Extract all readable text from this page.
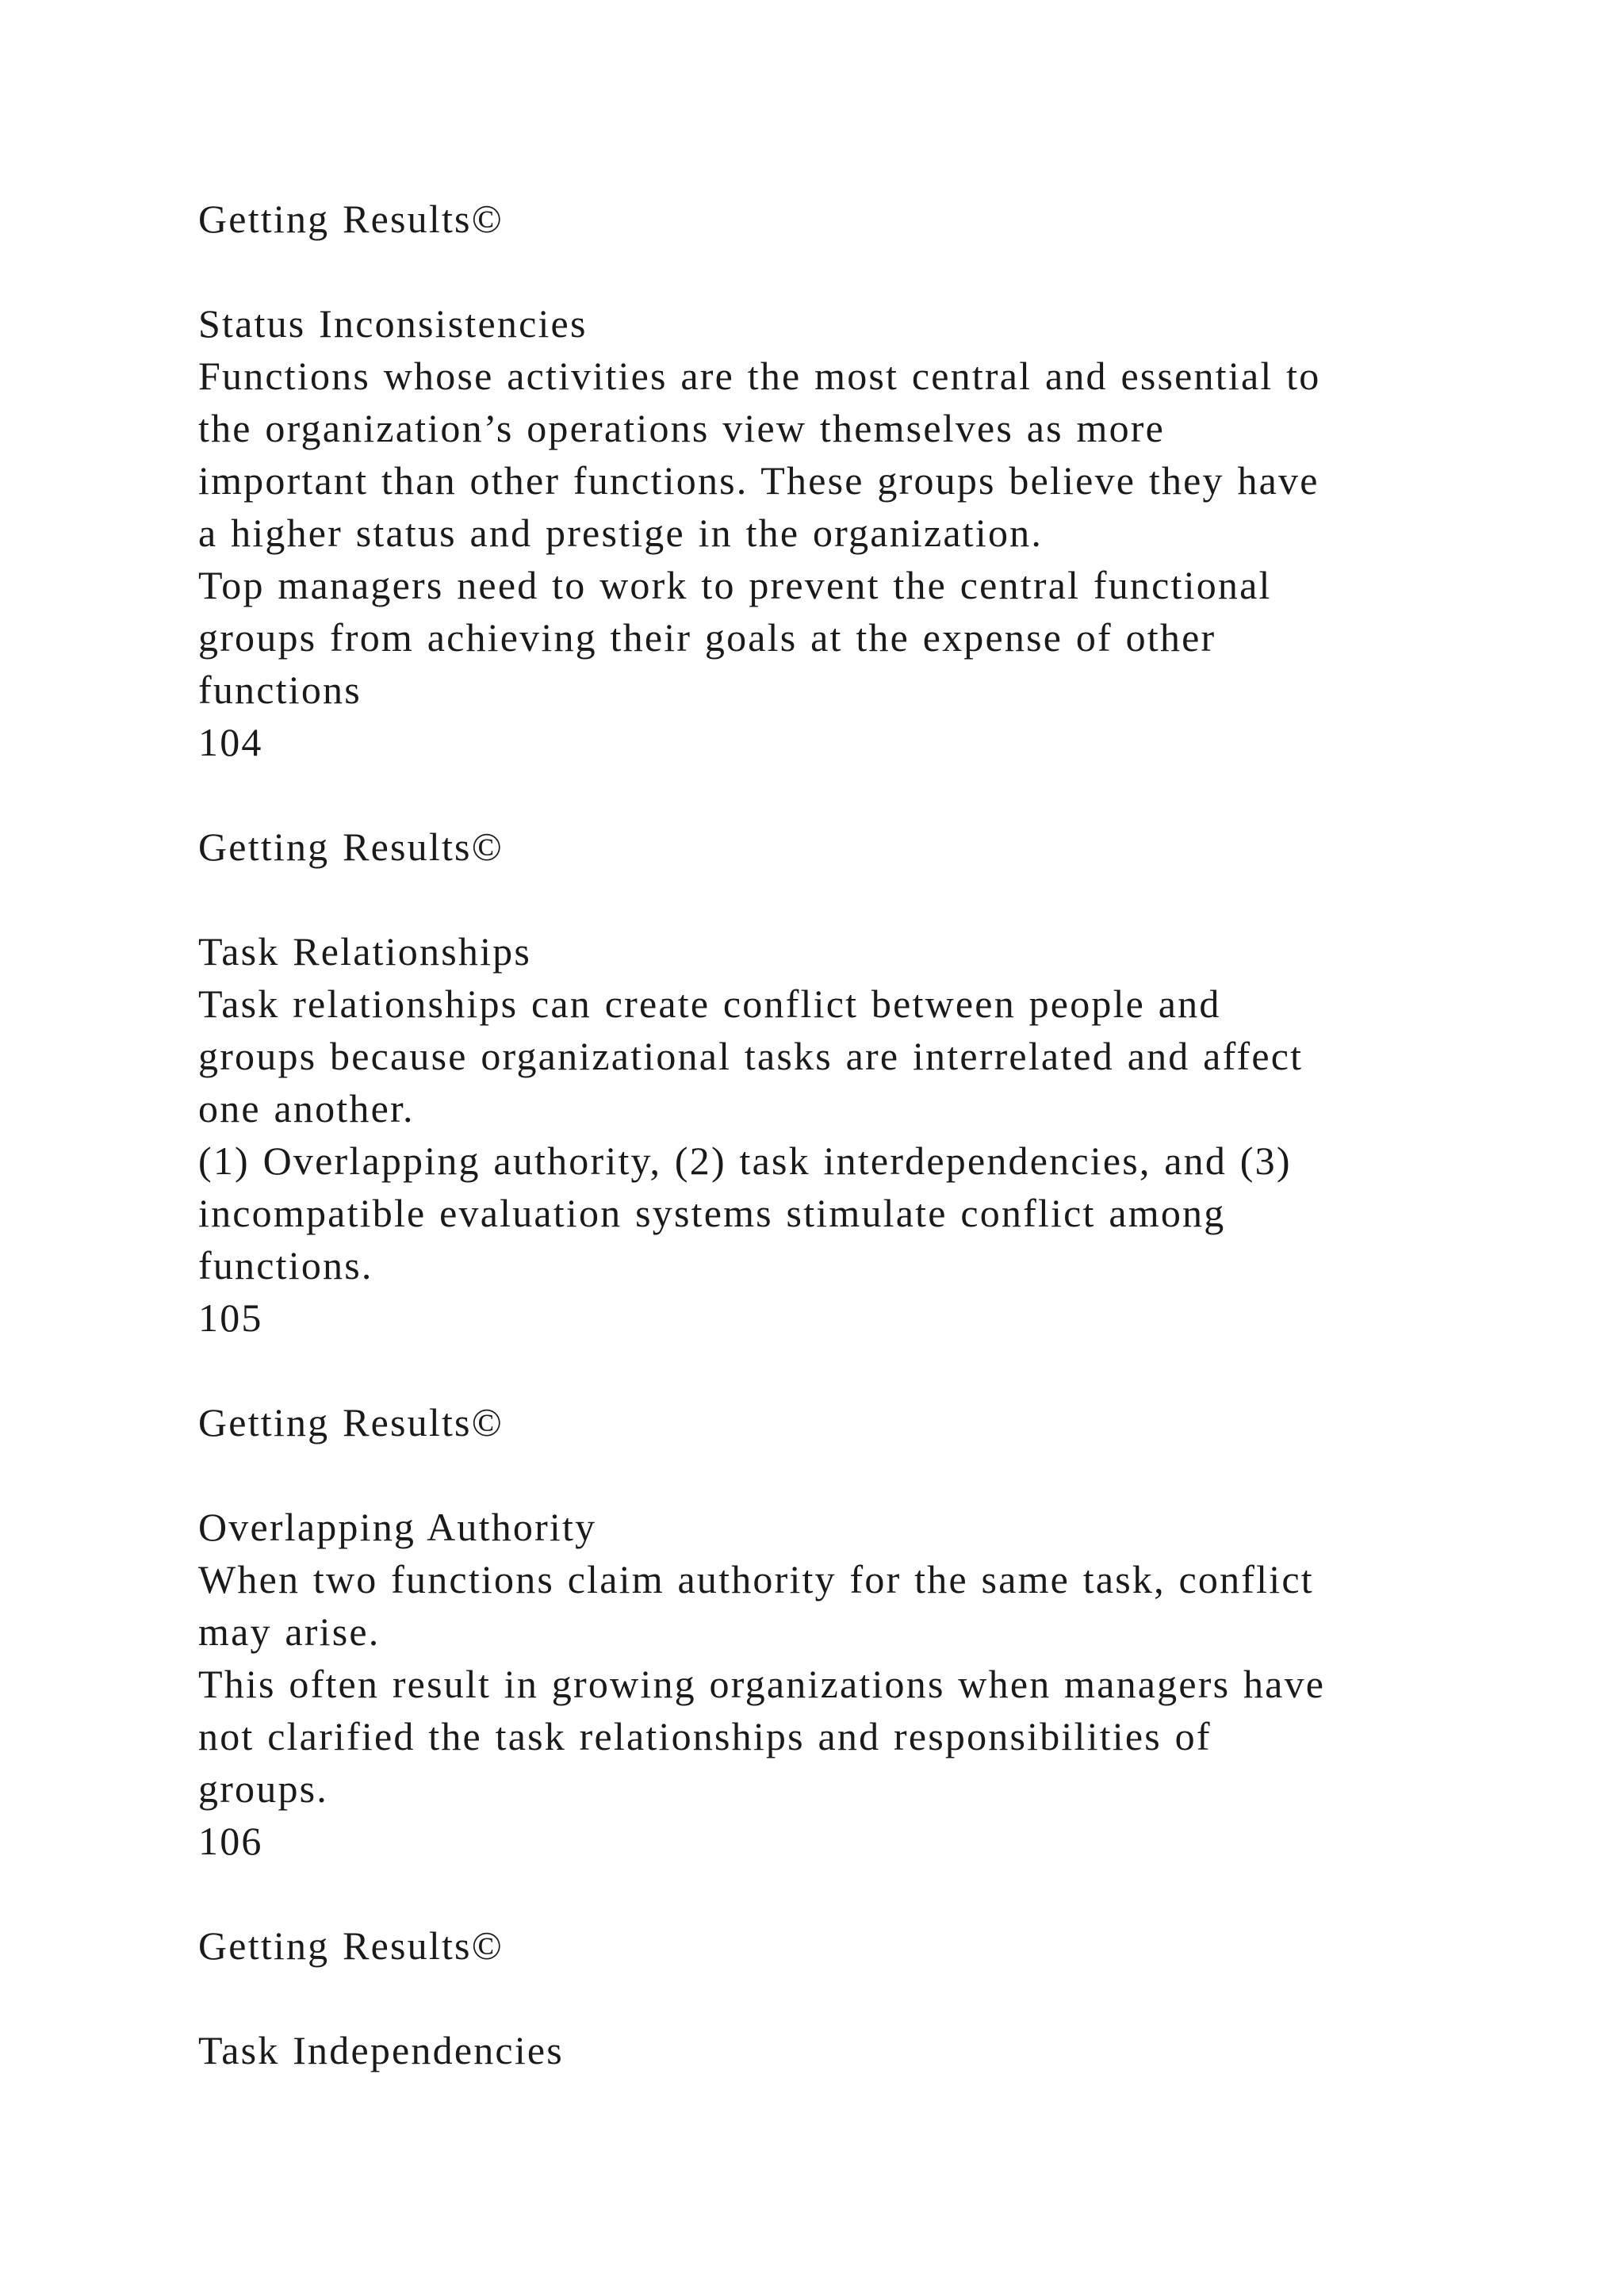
Getting Results©
Status Inconsistencies
Functions whose activities are the most central and essential to
the organization’s operations view themselves as more
important than other functions. These groups believe they have
a higher status and prestige in the organization.
Top managers need to work to prevent the central functional
groups from achieving their goals at the expense of other
functions
104
Getting Results©
Task Relationships
Task relationships can create conflict between people and
groups because organizational tasks are interrelated and affect
one another.
(1) Overlapping authority, (2) task interdependencies, and (3)
incompatible evaluation systems stimulate conflict among
functions.
105
Getting Results©
Overlapping Authority
When two functions claim authority for the same task, conflict
may arise.
This often result in growing organizations when managers have
not clarified the task relationships and responsibilities of
groups.
106
Getting Results©
Task Independencies
